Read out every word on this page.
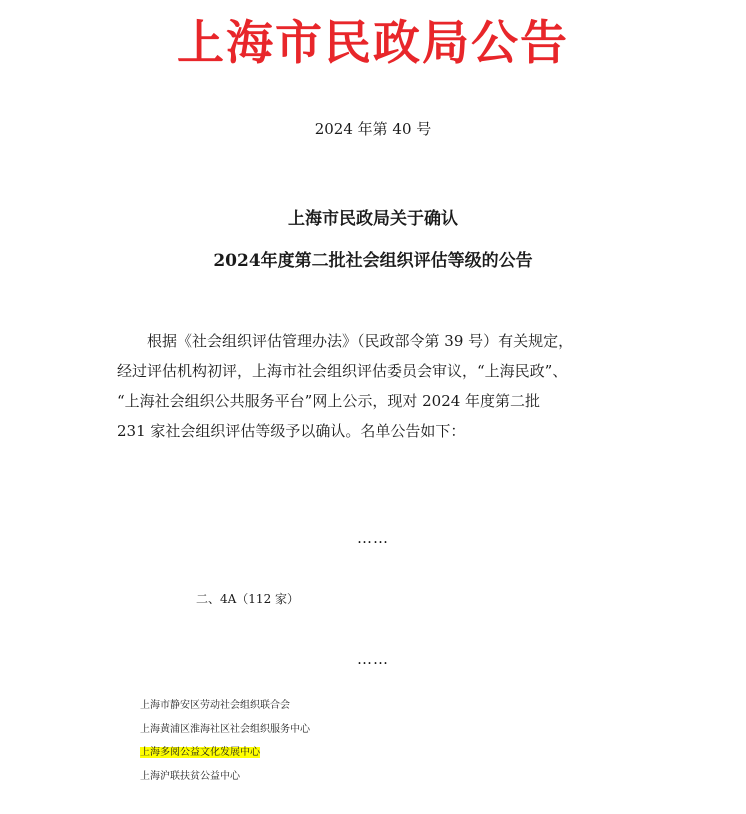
上海市民政局公告
2024 年第 40 号
上海市民政局关于确认
2024年度第二批社会组织评估等级的公告

根据《社会组织评估管理办法》（民政部令第 39 号）有关规定，
经过评估机构初评，上海市社会组织评估委员会审议，“上海民政”、
“上海社会组织公共服务平台”网上公示，现对 2024 年度第二批
231 家社会组织评估等级予以确认。名单公告如下：

……
二、4A（112 家）
……
上海市静安区劳动社会组织联合会
上海黄浦区淮海社区社会组织服务中心
上海多阅公益文化发展中心
上海沪联扶贫公益中心
